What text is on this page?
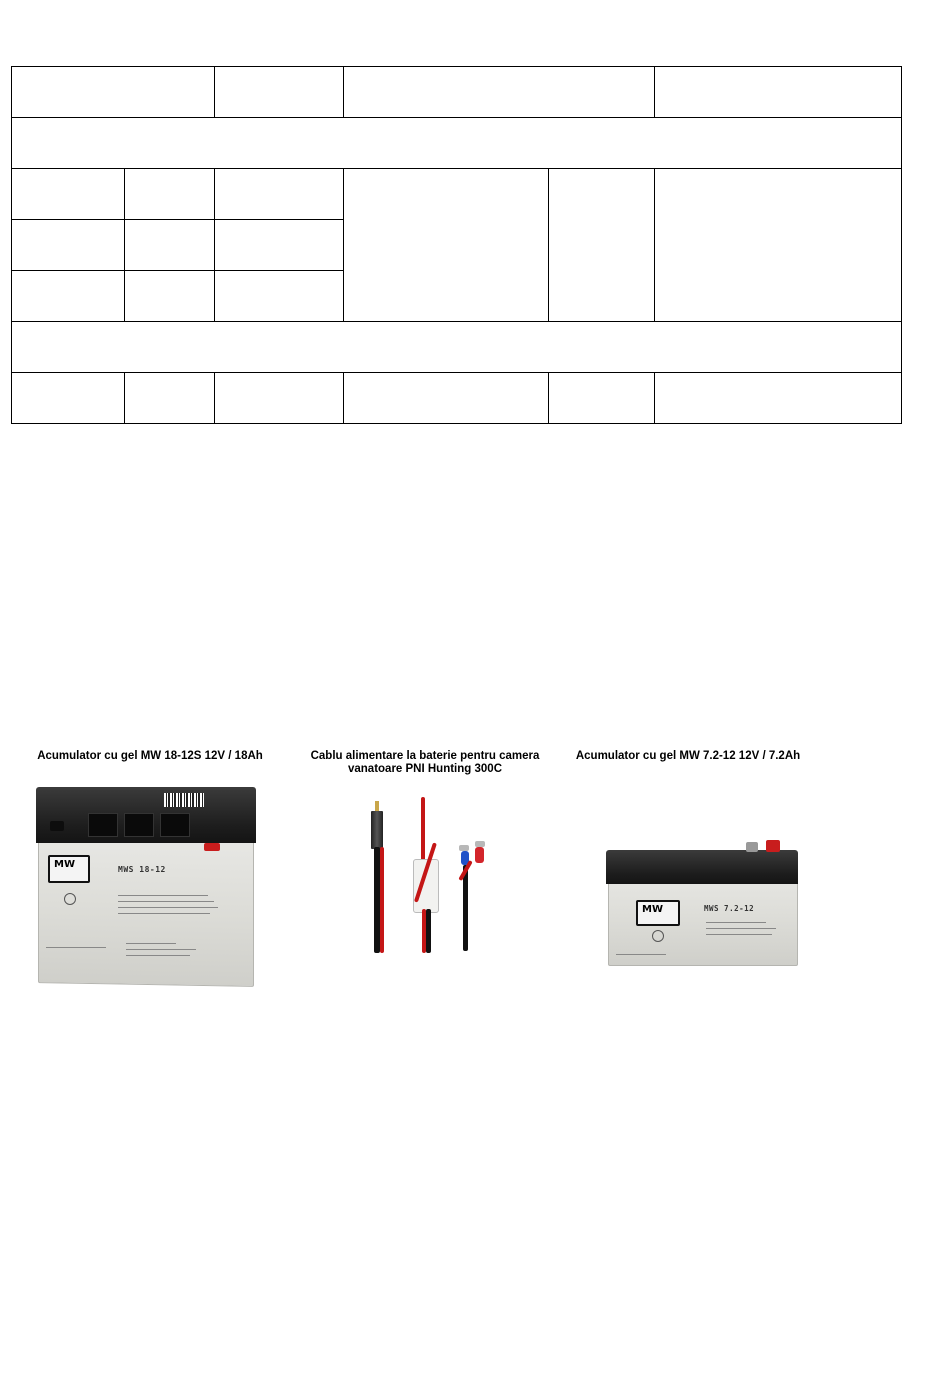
Acumulator cu gel MW 18-12S 12V / 18Ah
MW
MWS 18-12
Cablu alimentare la baterie pentru camera
vanatoare PNI Hunting 300C
Acumulator cu gel MW 7.2-12 12V / 7.2Ah
MW
MWS 7.2-12
